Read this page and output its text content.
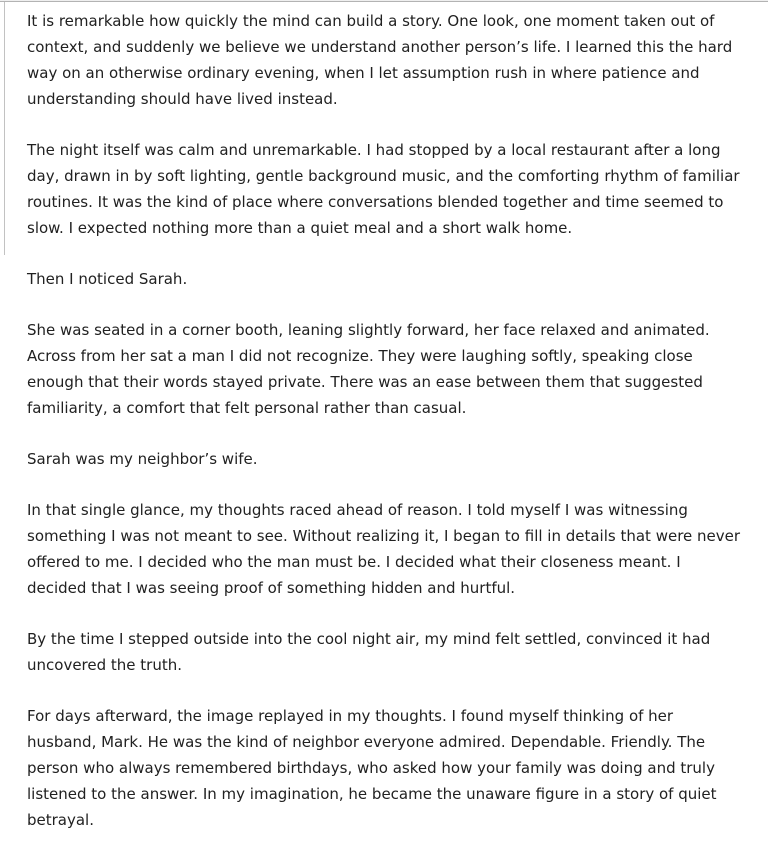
It is remarkable how quickly the mind can build a story. One look, one moment taken out of context, and suddenly we believe we understand another person’s life. I learned this the hard way on an otherwise ordinary evening, when I let assumption rush in where patience and understanding should have lived instead.

The night itself was calm and unremarkable. I had stopped by a local restaurant after a long day, drawn in by soft lighting, gentle background music, and the comforting rhythm of familiar routines. It was the kind of place where conversations blended together and time seemed to slow. I expected nothing more than a quiet meal and a short walk home.

Then I noticed Sarah.

She was seated in a corner booth, leaning slightly forward, her face relaxed and animated. Across from her sat a man I did not recognize. They were laughing softly, speaking close enough that their words stayed private. There was an ease between them that suggested familiarity, a comfort that felt personal rather than casual.

Sarah was my neighbor’s wife.

In that single glance, my thoughts raced ahead of reason. I told myself I was witnessing something I was not meant to see. Without realizing it, I began to fill in details that were never offered to me. I decided who the man must be. I decided what their closeness meant. I decided that I was seeing proof of something hidden and hurtful.

By the time I stepped outside into the cool night air, my mind felt settled, convinced it had uncovered the truth.

For days afterward, the image replayed in my thoughts. I found myself thinking of her husband, Mark. He was the kind of neighbor everyone admired. Dependable. Friendly. The person who always remembered birthdays, who asked how your family was doing and truly listened to the answer. In my imagination, he became the unaware figure in a story of quiet betrayal.
